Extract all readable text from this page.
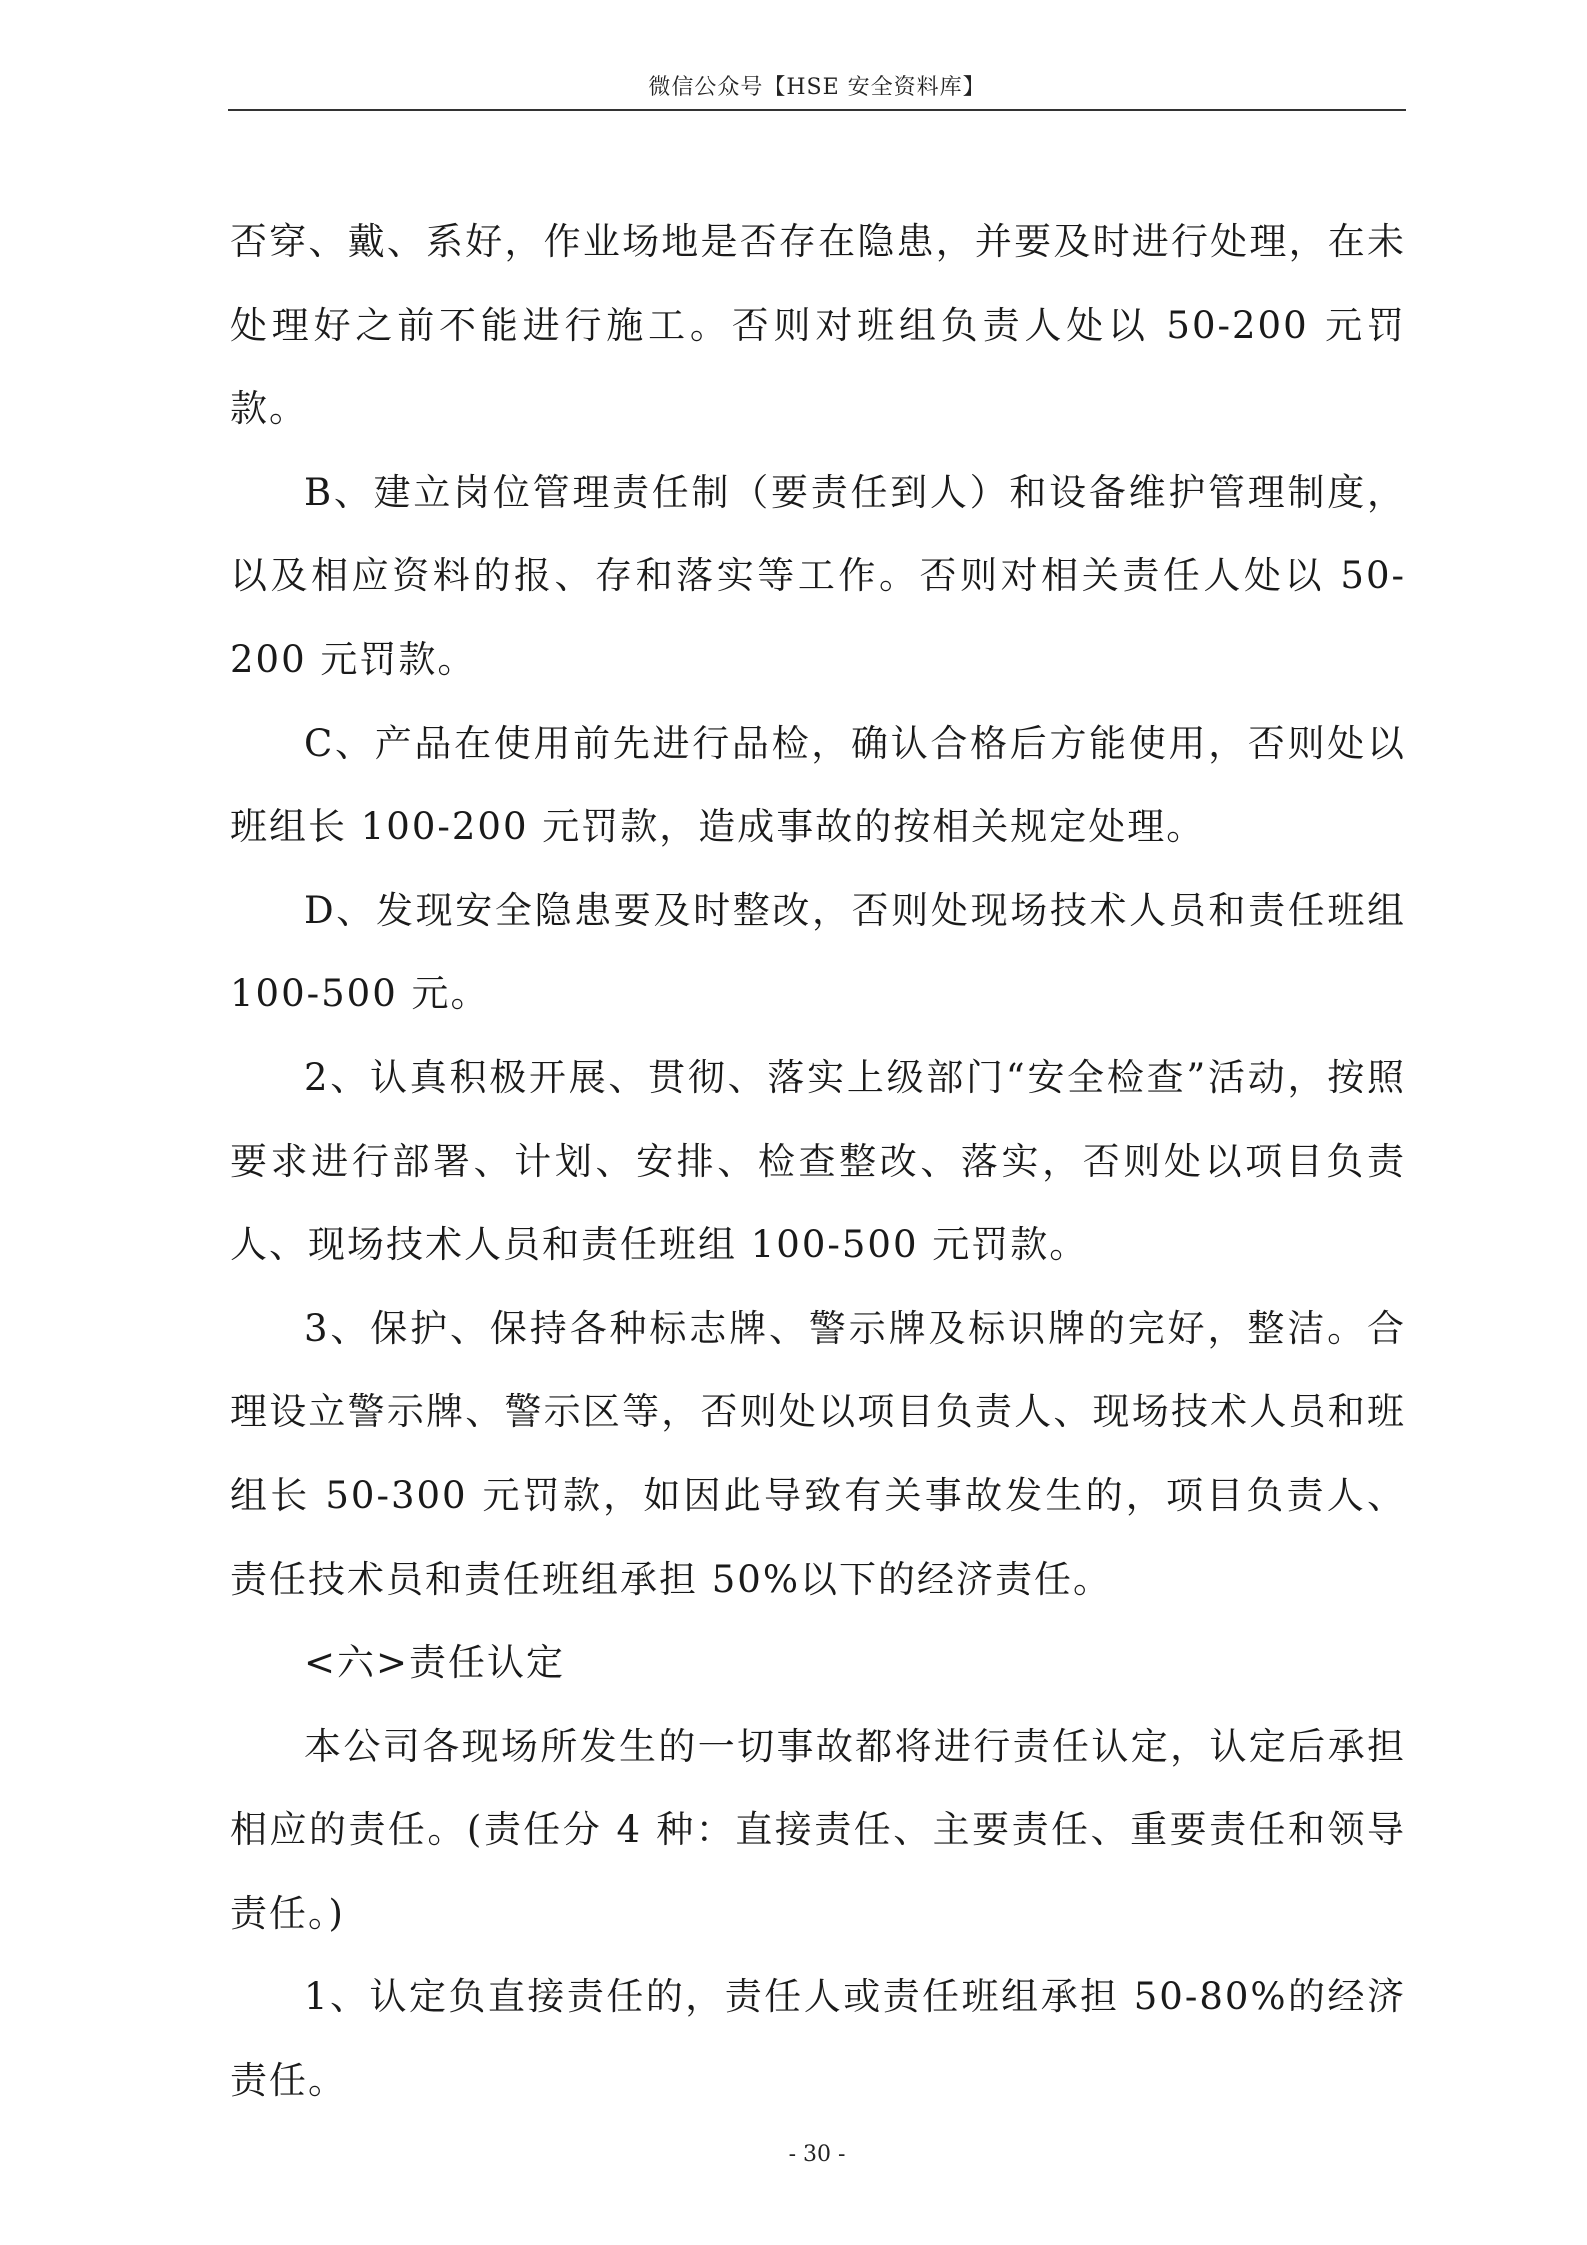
微信公众号【HSE 安全资料库】

否穿、戴、系好，作业场地是否存在隐患，并要及时进行处理，在未处理好之前不能进行施工。否则对班组负责人处以 50-200 元罚款。

B、建立岗位管理责任制（要责任到人）和设备维护管理制度，以及相应资料的报、存和落实等工作。否则对相关责任人处以 50-200 元罚款。

C、产品在使用前先进行品检，确认合格后方能使用，否则处以班组长 100-200 元罚款，造成事故的按相关规定处理。

D、发现安全隐患要及时整改，否则处现场技术人员和责任班组 100-500 元。

2、认真积极开展、贯彻、落实上级部门“安全检查”活动，按照要求进行部署、计划、安排、检查整改、落实，否则处以项目负责人、现场技术人员和责任班组 100-500 元罚款。

3、保护、保持各种标志牌、警示牌及标识牌的完好，整洁。合理设立警示牌、警示区等，否则处以项目负责人、现场技术人员和班组长 50-300 元罚款，如因此导致有关事故发生的，项目负责人、责任技术员和责任班组承担 50%以下的经济责任。

<六>责任认定

本公司各现场所发生的一切事故都将进行责任认定，认定后承担相应的责任。(责任分 4 种：直接责任、主要责任、重要责任和领导责任。)

1、认定负直接责任的，责任人或责任班组承担 50-80%的经济责任。

- 30 -
